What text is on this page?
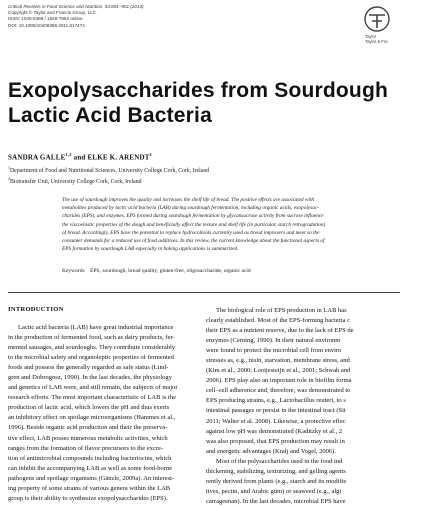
Critical Reviews in Food Science and Nutrition, 54:891–901 (2014)
Copyright © Taylor and Francis Group, LLC
ISSN: 1040-8398 / 1549-7852 online
DOI: 10.1080/10408398.2011.617474
Taylor
Taylor & Fra
Exopolysaccharides from Sourdough
Lactic Acid Bacteria
SANDRA GALLE$^{1,2}$ and ELKE K. ARENDT$^1$
$^1$Department of Food and Nutritional Sciences, University College Cork, Cork, Ireland
$^2$Biotransfer Unit, University College Cork, Cork, Ireland
The use of sourdough improves the quality and increases the shelf life of bread. The positive effects are associated with
metabolites produced by lactic acid bacteria (LAB) during sourdough fermentation, including organic acids, exopolysac-
charides (EPS), and enzymes. EPS formed during sourdough fermentation by glycansucrase activity from sucrose influence
the viscoelastic properties of the dough and beneficially affect the texture and shelf life (in particular, starch retrogradation)
of bread. Accordingly, EPS have the potential to replace hydrocolloids currently used as bread improvers and meet so the
consumer demands for a reduced use of food additives. In this review, the current knowledge about the functional aspects of
EPS formation by sourdough LAB especially in baking applications is summarized.
Keywords EPS, sourdough, bread quality, gluten-free, oligosaccharide, organic acid
INTRODUCTION
Lactic acid bacteria (LAB) have great industrial importance
in the production of fermented food, such as dairy products, fer-
mented sausages, and sourdoughs. They contribute considerably
to the microbial safety and organoleptic properties of fermented
foods and possess the generally regarded as safe status (Lind-
gren and Dobrogosz, 1990). In the last decades, the physiology
and genetics of LAB were, and still remain, the subjects of major
research efforts. The most important characteristic of LAB is the
production of lactic acid, which lowers the pH and thus exerts
an inhibitory effect on spoilage microorganisms (Hammes et al.,
1996). Beside organic acid production and their the preserva-
tive effect, LAB posses numerous metabolic activities, which
ranges from the formation of flavor precursors to the excre-
tion of antimicrobial compounds including bacteriocins, which
can inhibit the accompanying LAB as well as some food-borne
pathogens and spoilage organisms (Gänzle, 2009a). An interest-
ing property of some strains of various genera within the LAB
group is their ability to synthesize exopolysaccharides (EPS).
The biological role of EPS production in LAB has
clearly established. Most of the EPS-forming bacteria c
their EPS as a nutrient reserve, due to the lack of EPS de
enzymes (Cerning, 1990). In their natural environm
were found to protect the microbial cell from enviro
stresses as, e.g., nisin, starvation, membrane stress, and
(Kim et al., 2000; Looijesteijn et al., 2001; Schwab and
2006). EPS play also an important role in biofilm forma
cell–cell adherence and, therefore, was demonstrated to
EPS producing strains, e.g., Lactobacillus reuteri, to s
intestinal passages or persist in the intestinal tract (Sit
2011; Walter et al. 2008). Likewise, a protective effec
against low pH was demonstrated (Kaditzky et al., 2
was also proposed, that EPS production may result in
and energetic advantages (Kralj and Vogel, 2006).
Most of the polysaccharides used in the food ind
thickening, stabilizing, texturizing, and gelling agents
rently derived from plants (e.g., starch and its modifie
tives, pectin, and Arabic gum) or seaweed (e.g., algi
carrageenan). In the last decades, microbial EPS have
